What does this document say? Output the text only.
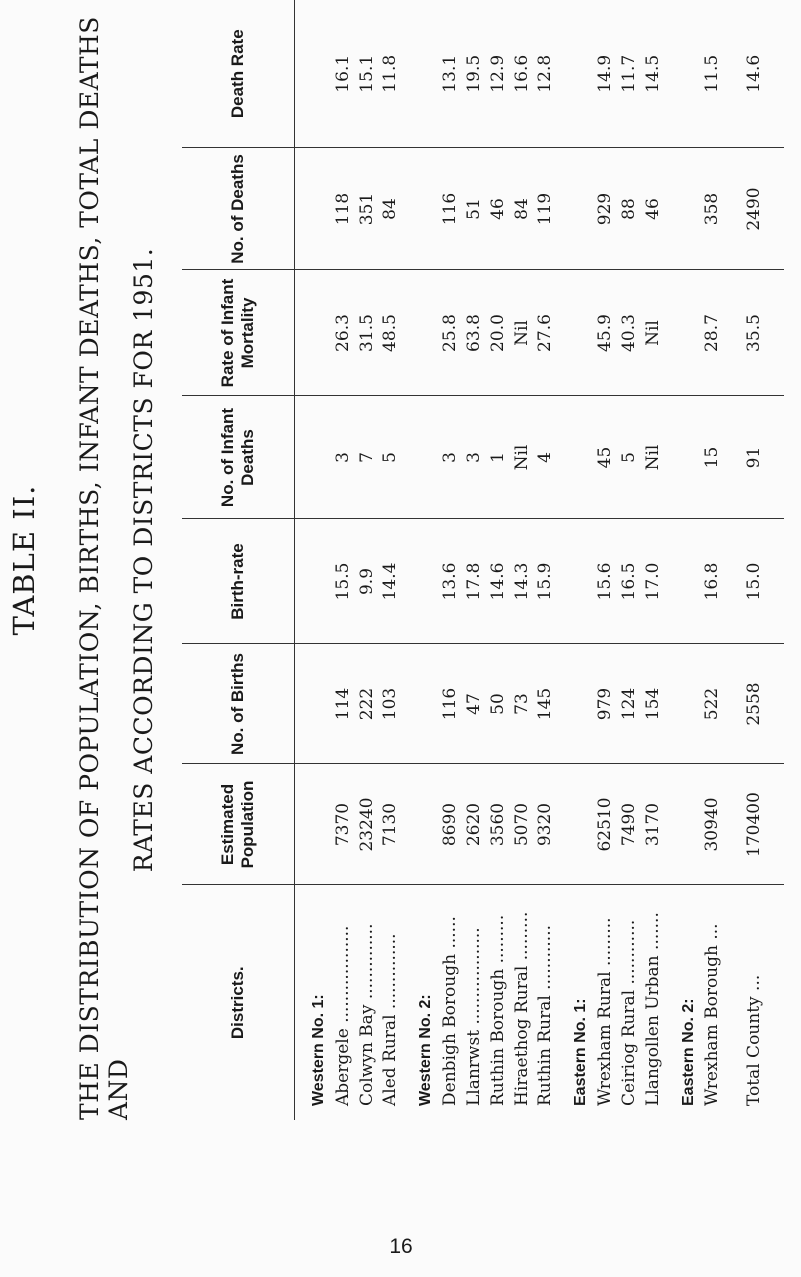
TABLE II. THE DISTRIBUTION OF POPULATION, BIRTHS, INFANT DEATHS, TOTAL DEATHS AND
RATES ACCORDING TO DISTRICTS FOR 1951.
Districts.	Estimated Population	No. of Births	Birth-rate	No. of Infant Deaths	Rate of Infant Mortality	No. of Deaths	Death Rate

Western No. 1:							
Abergele ..................	7370	114	15.5	3	26.3	118	16.1
Colwyn Bay ..............	23240	222	9.9	7	31.5	351	15.1
Aled Rural ..............	7130	103	14.4	5	48.5	84	11.8

Western No. 2:							
Denbigh Borough ......	8690	116	13.6	3	25.8	116	13.1
Llanrwst ..................	2620	47	17.8	3	63.8	51	19.5
Ruthin Borough .........	3560	50	14.6	1	20.0	46	12.9
Hiraethog Rural .........	5070	73	14.3	Nil	Nil	84	16.6
Ruthin Rural ............	9320	145	15.9	4	27.6	119	12.8

Eastern No. 1:							
Wrexham Rural .........	62510	979	15.6	45	45.9	929	14.9
Ceiriog Rural ............	7490	124	16.5	5	40.3	88	11.7
Llangollen Urban .......	3170	154	17.0	Nil	Nil	46	14.5

Eastern No. 2:							
Wrexham Borough ...	30940	522	16.8	15	28.7	358	11.5

Total County ...	170400	2558	15.0	91	35.5	2490	14.6

16
